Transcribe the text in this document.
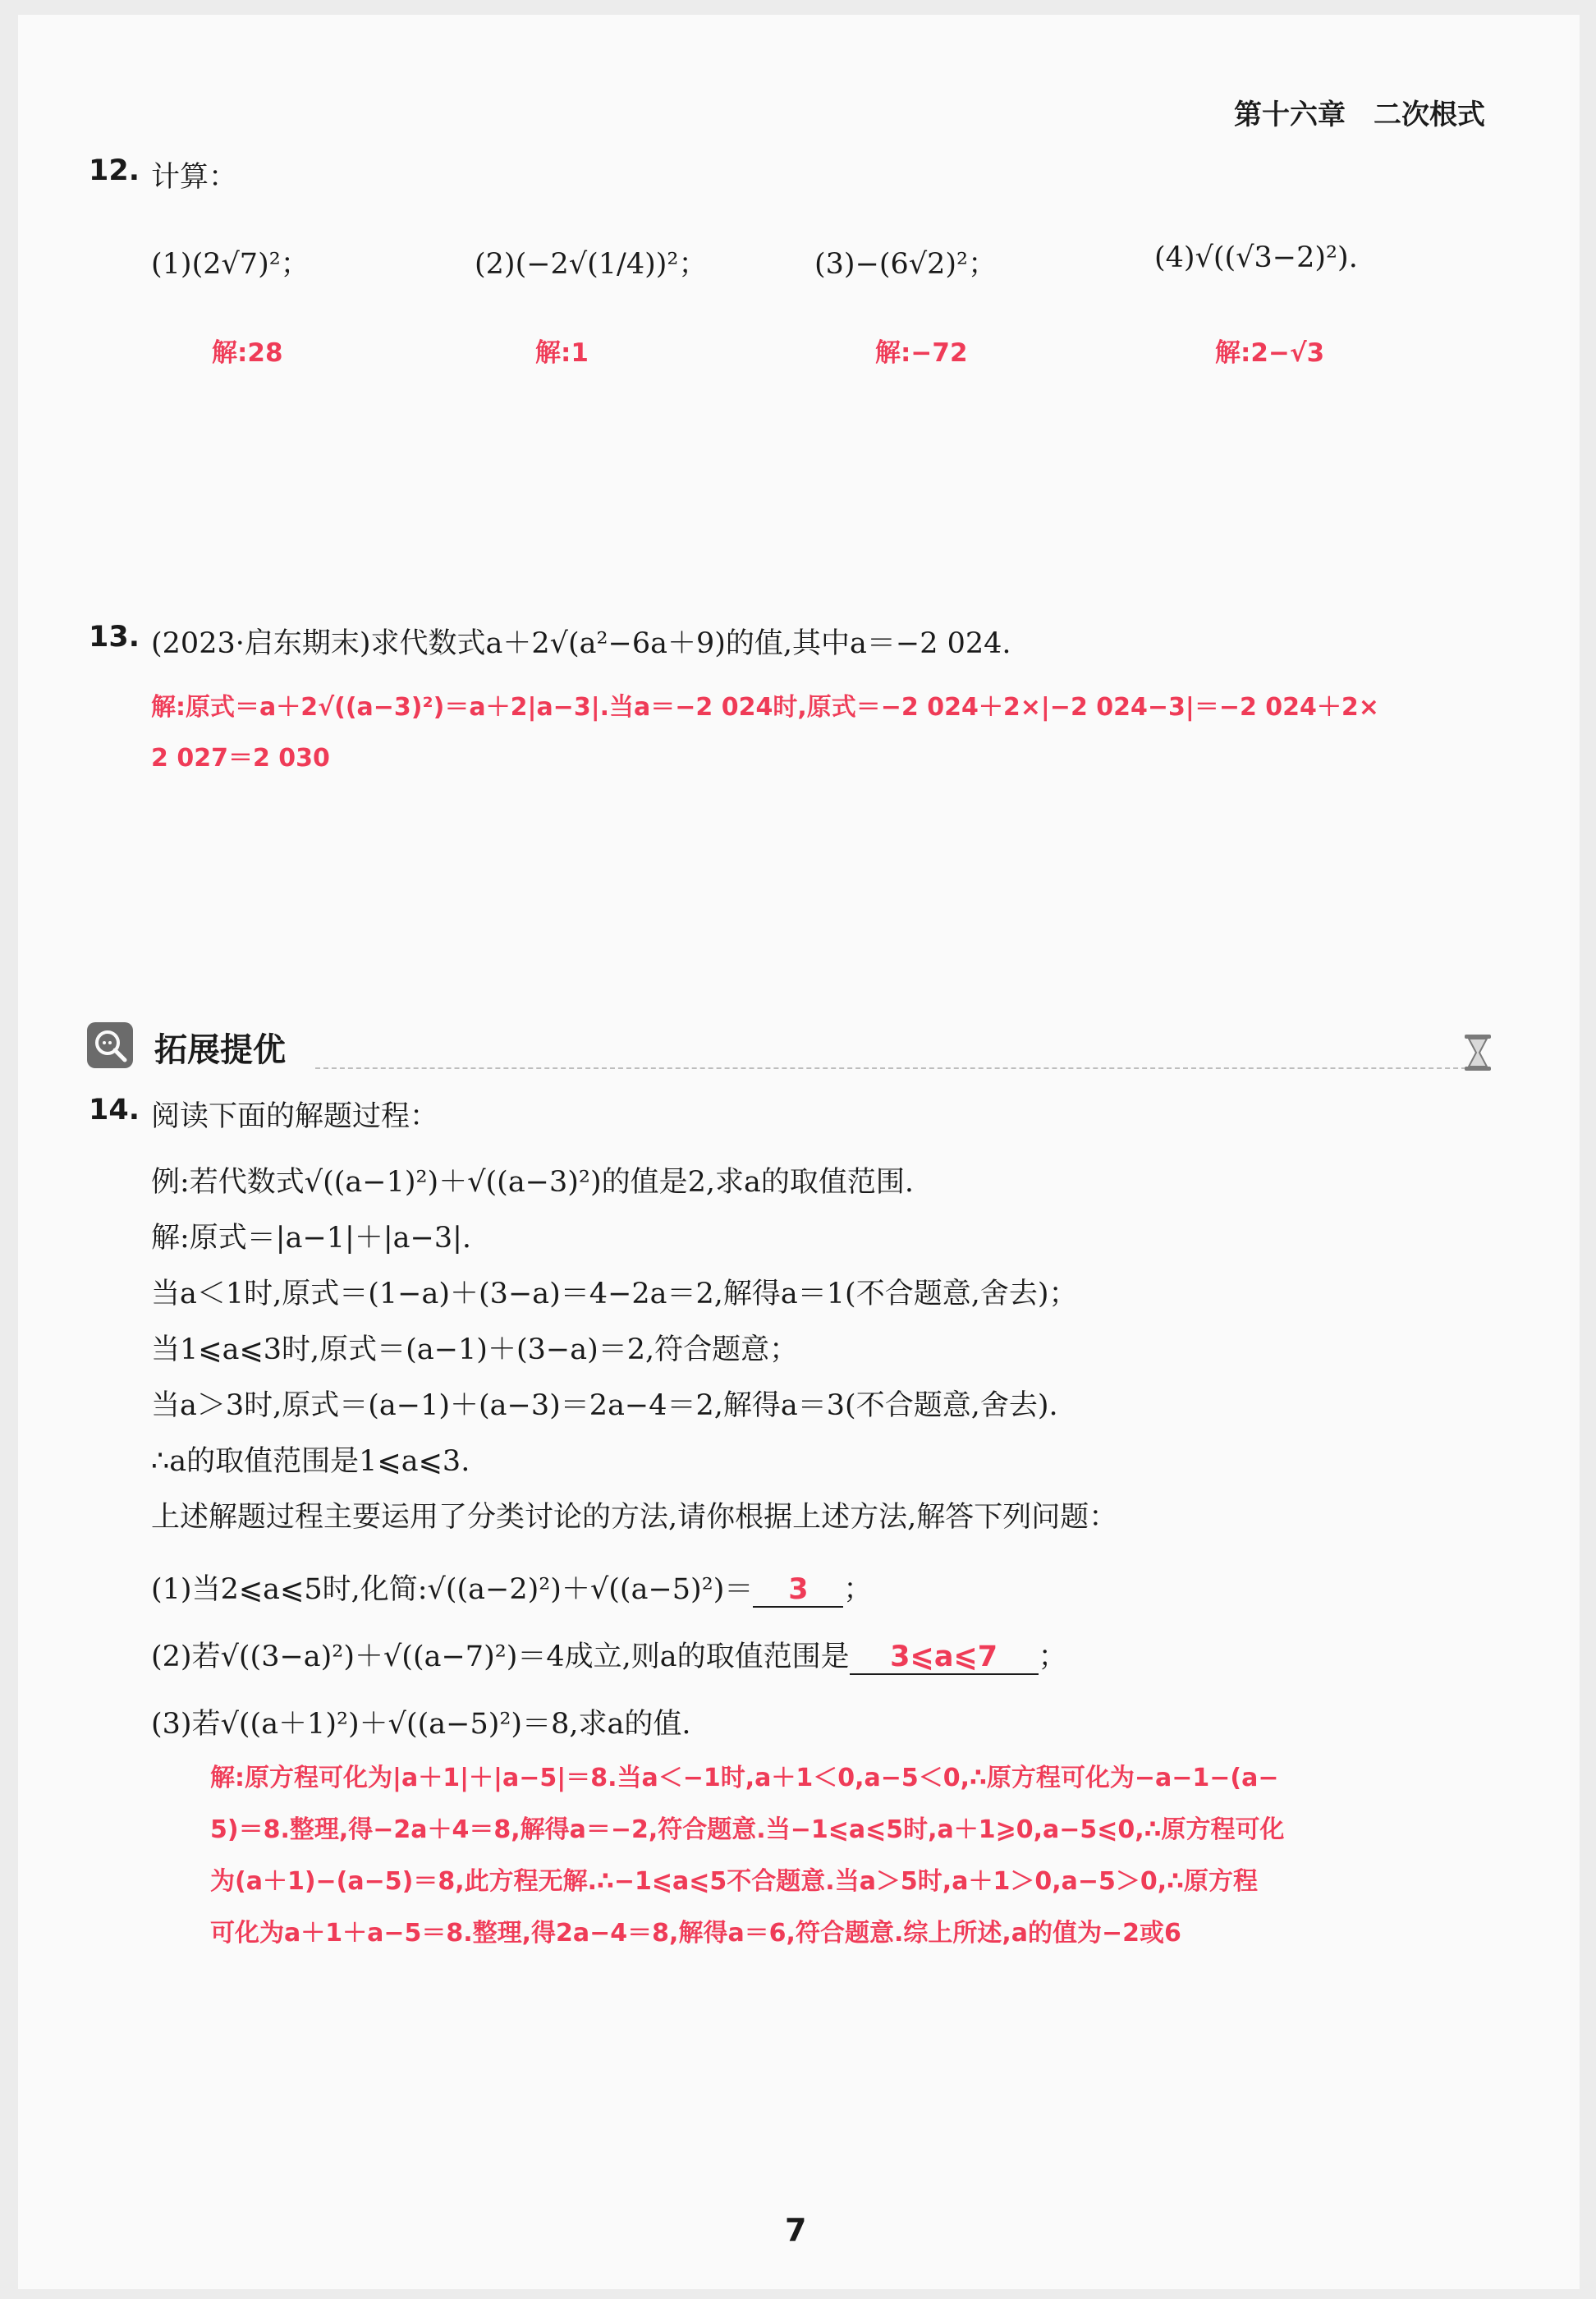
第十六章　二次根式
12. 计算：
(1)(2√7)²；	(2)(−2√(1/4))²；	(3)−(6√2)²；	(4)√((√3−2)²).
解:28	解:1	解:−72	解:2−√3
13. (2023·启东期末)求代数式a＋2√(a²−6a＋9)的值,其中a＝−2 024.
解:原式＝a＋2√((a−3)²)＝a＋2|a−3|.当a＝−2 024时,原式＝−2 024＋2×|−2 024−3|＝−2 024＋2×
2 027＝2 030
拓展提优
14. 阅读下面的解题过程：
例:若代数式√((a−1)²)＋√((a−3)²)的值是2,求a的取值范围.
解:原式＝|a−1|＋|a−3|.
当a＜1时,原式＝(1−a)＋(3−a)＝4−2a＝2,解得a＝1(不合题意,舍去)；
当1⩽a⩽3时,原式＝(a−1)＋(3−a)＝2,符合题意；
当a＞3时,原式＝(a−1)＋(a−3)＝2a−4＝2,解得a＝3(不合题意,舍去).
∴a的取值范围是1⩽a⩽3.
上述解题过程主要运用了分类讨论的方法,请你根据上述方法,解答下列问题：
(1)当2⩽a⩽5时,化简:√((a−2)²)＋√((a−5)²)＝ 3 ；
(2)若√((3−a)²)＋√((a−7)²)＝4成立,则a的取值范围是 3⩽a⩽7 ；
(3)若√((a＋1)²)＋√((a−5)²)＝8,求a的值.
解:原方程可化为|a＋1|＋|a−5|＝8.当a＜−1时,a＋1＜0,a−5＜0,∴原方程可化为−a−1−(a−
5)＝8.整理,得−2a＋4＝8,解得a＝−2,符合题意.当−1⩽a⩽5时,a＋1⩾0,a−5⩽0,∴原方程可化
为(a＋1)−(a−5)＝8,此方程无解.∴−1⩽a⩽5不合题意.当a＞5时,a＋1＞0,a−5＞0,∴原方程
可化为a＋1＋a−5＝8.整理,得2a−4＝8,解得a＝6,符合题意.综上所述,a的值为−2或6
7
